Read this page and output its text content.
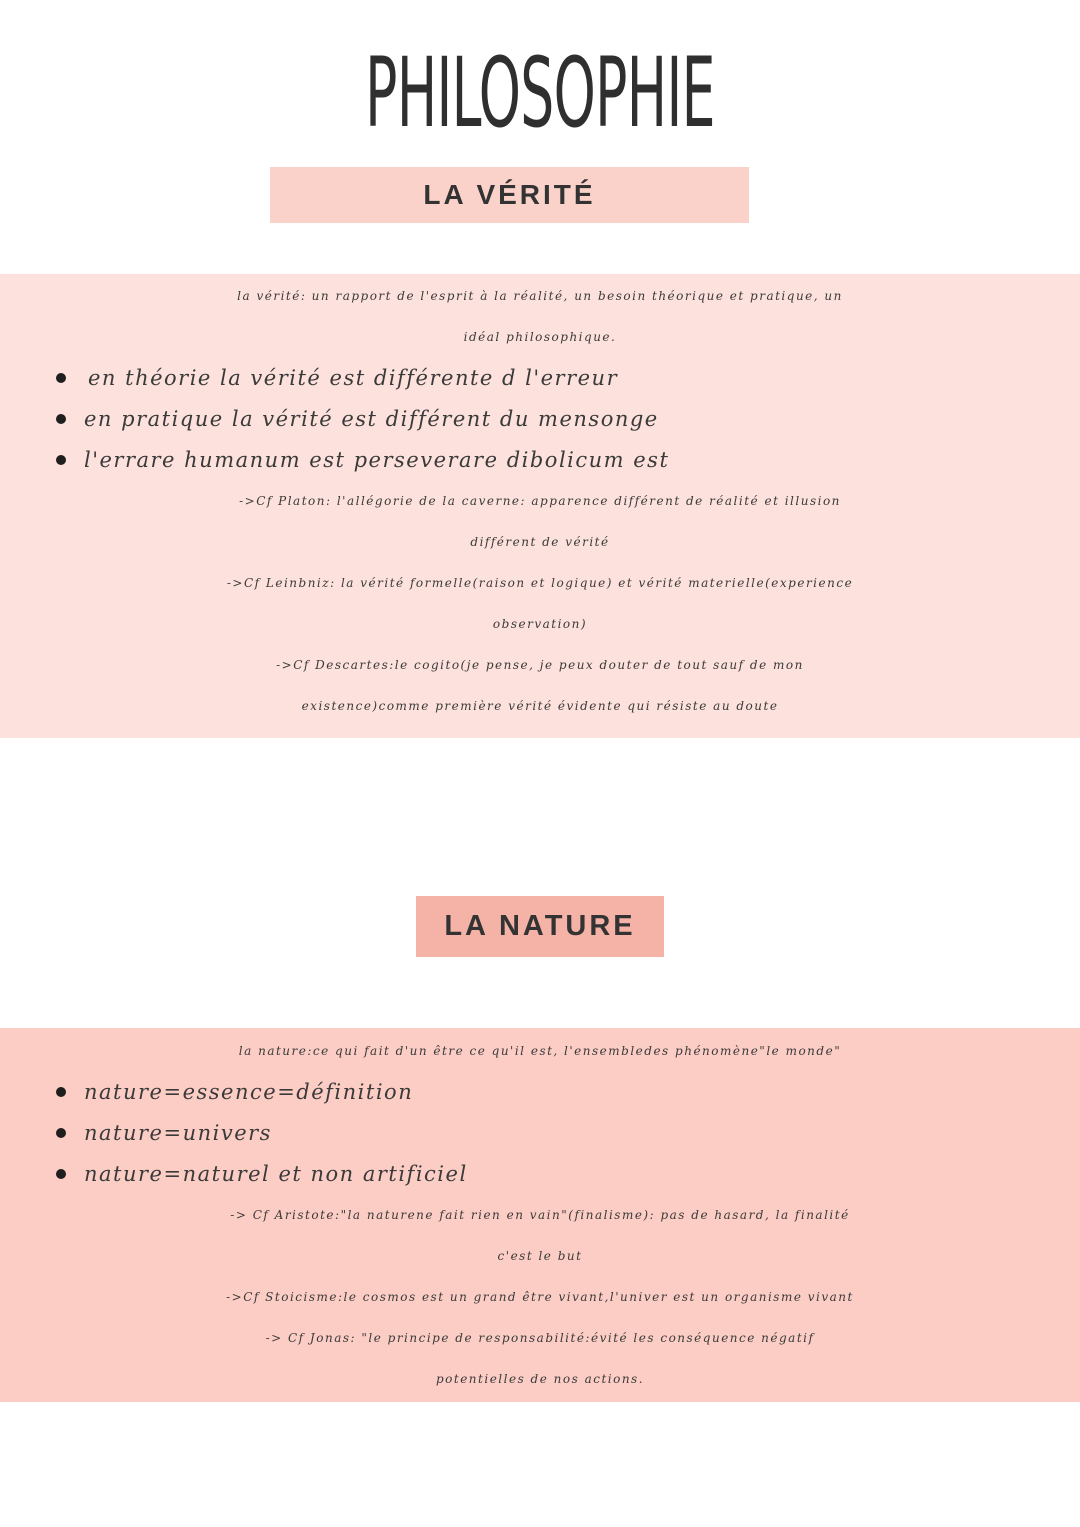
PHILOSOPHIE
LA VÉRITÉ
la vérité: un rapport de l'esprit à la réalité, un besoin théorique et pratique, un
idéal philosophique.
en théorie la vérité est différente d l'erreur
en pratique la vérité est différent du mensonge
l'errare humanum est perseverare dibolicum est
->Cf Platon: l'allégorie de la caverne: apparence différent de réalité et illusion
différent de vérité
->Cf Leinbniz: la vérité formelle(raison et logique) et vérité materielle(experience
observation)
->Cf Descartes:le cogito(je pense, je peux douter de tout sauf de mon
existence)comme première vérité évidente qui résiste au doute
LA NATURE
la nature:ce qui fait d'un être ce qu'il est, l'ensembledes phénomène"le monde"
nature=essence=définition
nature=univers
nature=naturel et non artificiel
-> Cf Aristote:"la naturene fait rien en vain"(finalisme): pas de hasard, la finalité
c'est le but
->Cf Stoicisme:le cosmos est un grand être vivant,l'univer est un organisme vivant
-> Cf Jonas: "le principe de responsabilité:évité les conséquence négatif
potentielles de nos actions.
